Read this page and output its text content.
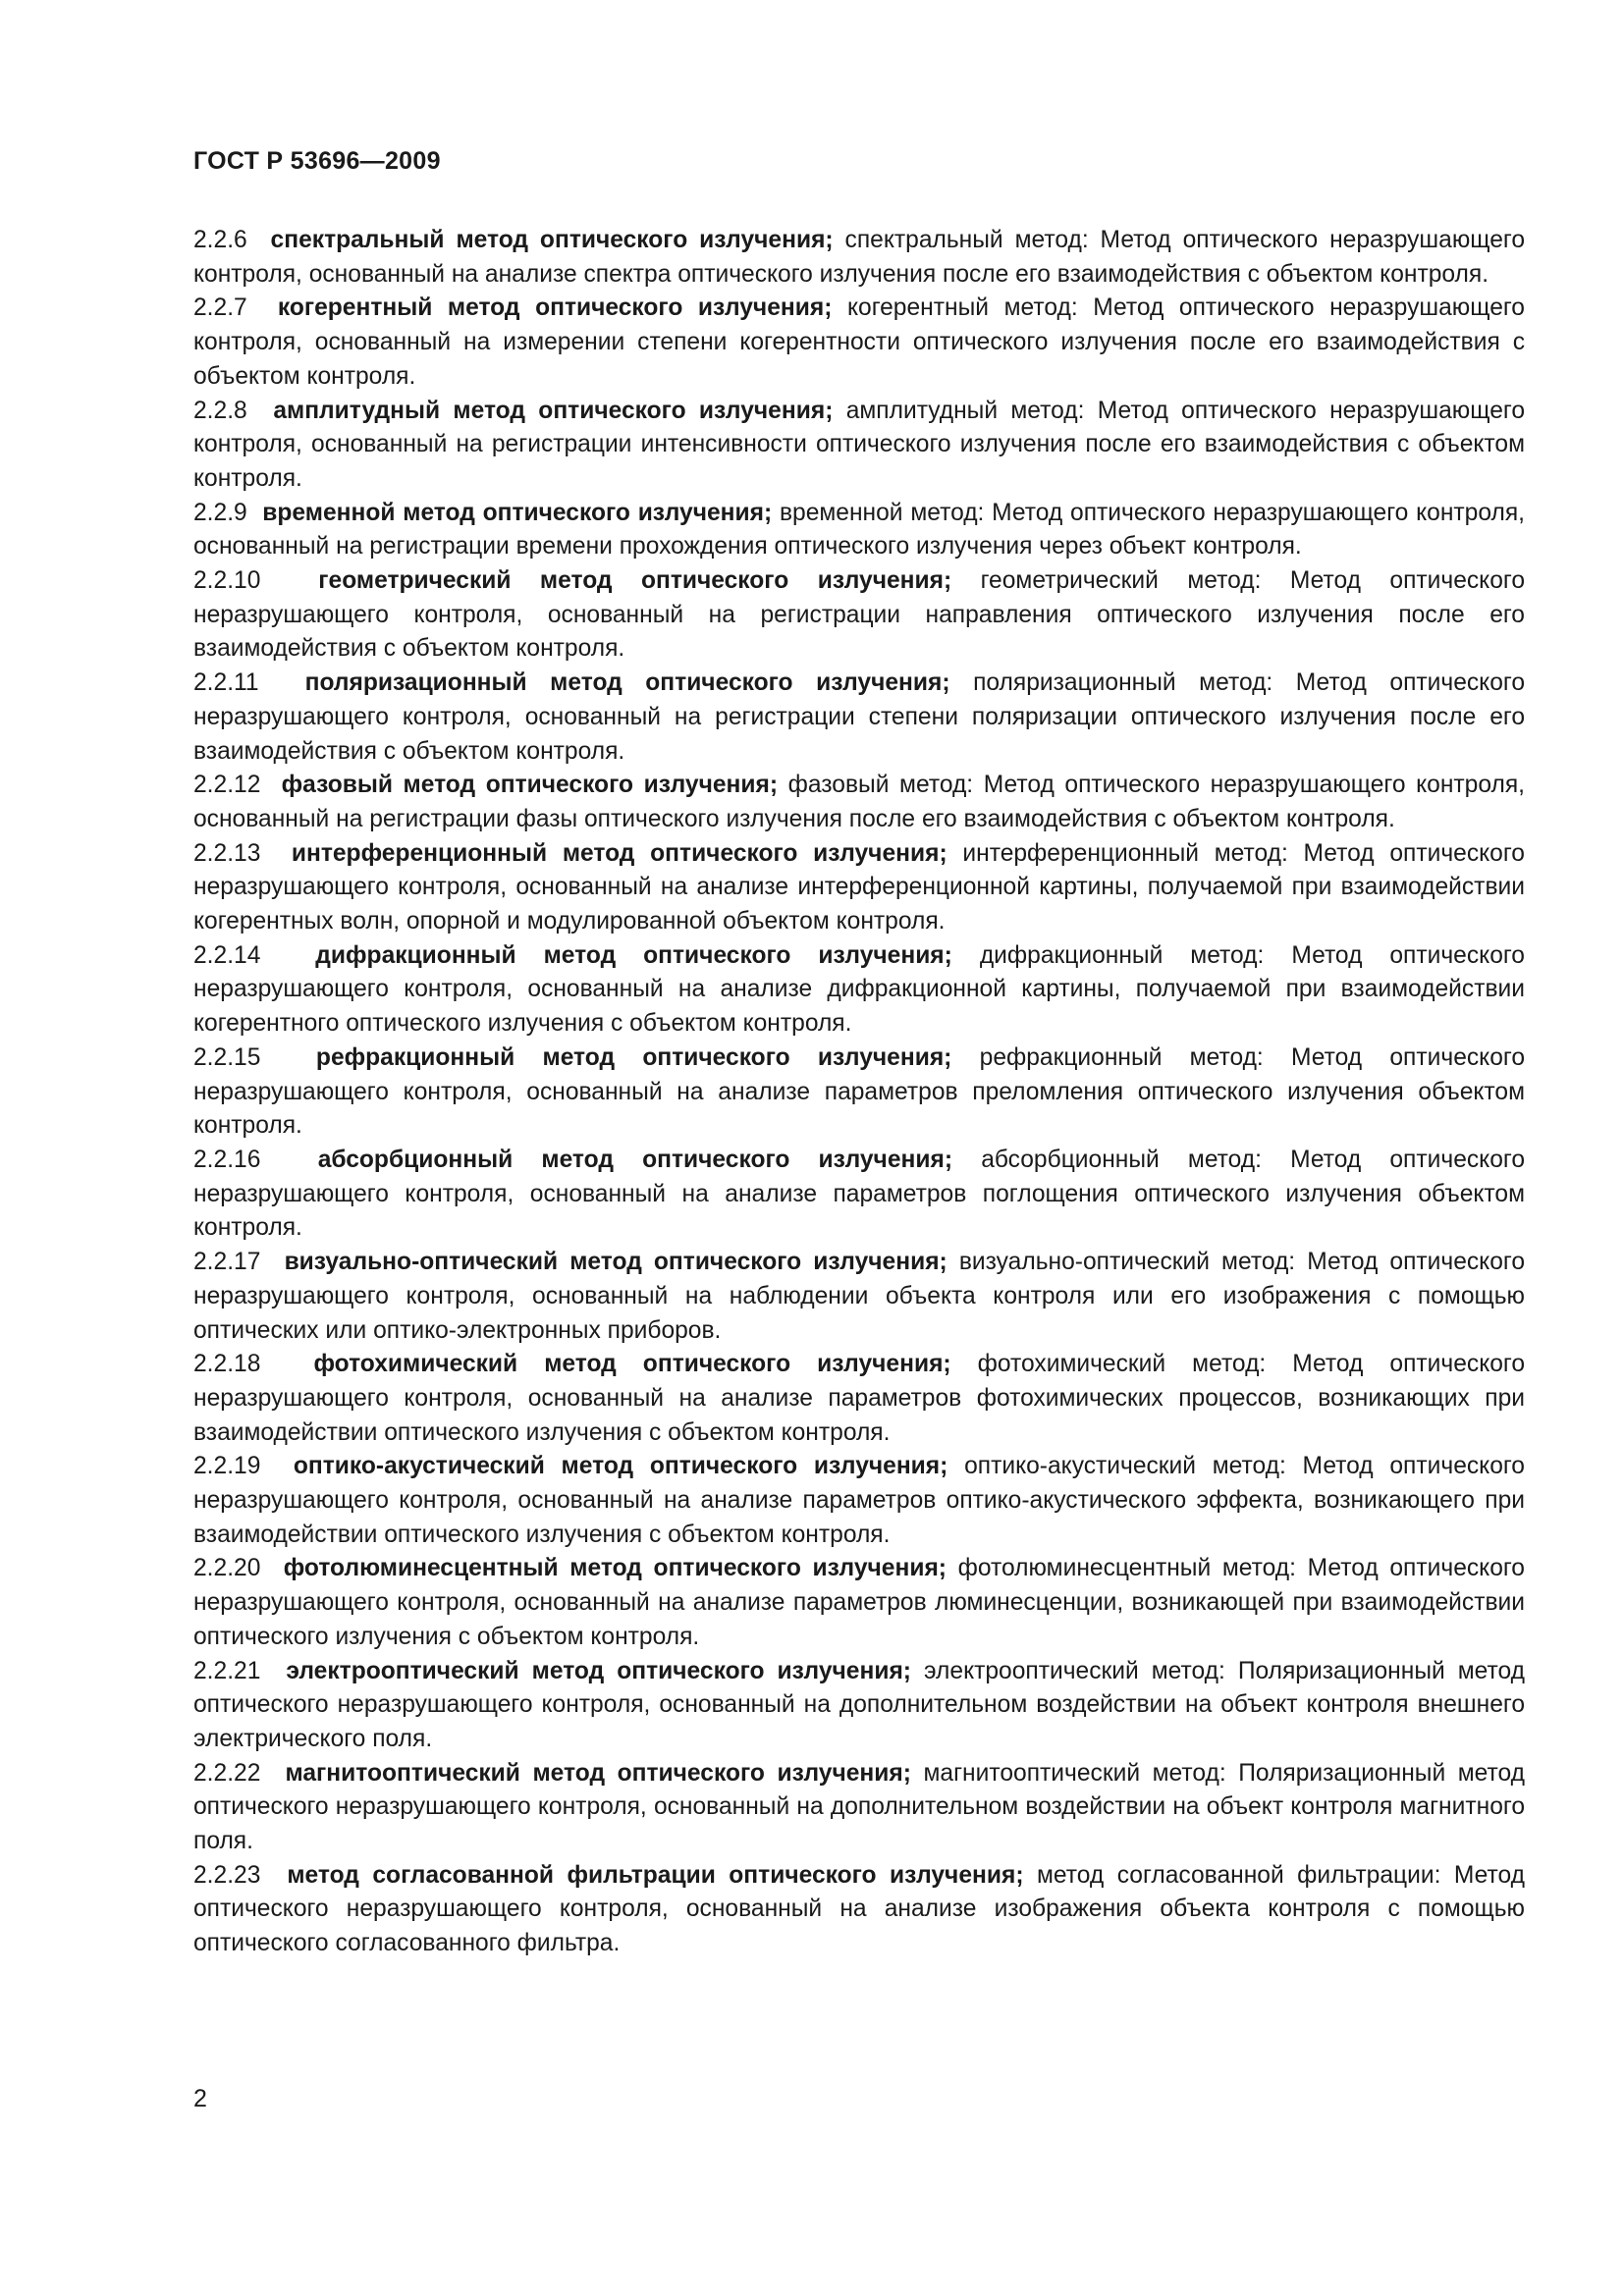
ГОСТ Р 53696—2009

2.2.6 спектральный метод оптического излучения; спектральный метод: Метод оптического неразрушающего контроля, основанный на анализе спектра оптического излучения после его взаимодействия с объектом контроля.

2.2.7 когерентный метод оптического излучения; когерентный метод: Метод оптического неразрушающего контроля, основанный на измерении степени когерентности оптического излучения после его взаимодействия с объектом контроля.

2.2.8 амплитудный метод оптического излучения; амплитудный метод: Метод оптического неразрушающего контроля, основанный на регистрации интенсивности оптического излучения после его взаимодействия с объектом контроля.

2.2.9 временной метод оптического излучения; временной метод: Метод оптического неразрушающего контроля, основанный на регистрации времени прохождения оптического излучения через объект контроля.

2.2.10 геометрический метод оптического излучения; геометрический метод: Метод оптического неразрушающего контроля, основанный на регистрации направления оптического излучения после его взаимодействия с объектом контроля.

2.2.11 поляризационный метод оптического излучения; поляризационный метод: Метод оптического неразрушающего контроля, основанный на регистрации степени поляризации оптического излучения после его взаимодействия с объектом контроля.

2.2.12 фазовый метод оптического излучения; фазовый метод: Метод оптического неразрушающего контроля, основанный на регистрации фазы оптического излучения после его взаимодействия с объектом контроля.

2.2.13 интерференционный метод оптического излучения; интерференционный метод: Метод оптического неразрушающего контроля, основанный на анализе интерференционной картины, получаемой при взаимодействии когерентных волн, опорной и модулированной объектом контроля.

2.2.14 дифракционный метод оптического излучения; дифракционный метод: Метод оптического неразрушающего контроля, основанный на анализе дифракционной картины, получаемой при взаимодействии когерентного оптического излучения с объектом контроля.

2.2.15 рефракционный метод оптического излучения; рефракционный метод: Метод оптического неразрушающего контроля, основанный на анализе параметров преломления оптического излучения объектом контроля.

2.2.16 абсорбционный метод оптического излучения; абсорбционный метод: Метод оптического неразрушающего контроля, основанный на анализе параметров поглощения оптического излучения объектом контроля.

2.2.17 визуально-оптический метод оптического излучения; визуально-оптический метод: Метод оптического неразрушающего контроля, основанный на наблюдении объекта контроля или его изображения с помощью оптических или оптико-электронных приборов.

2.2.18 фотохимический метод оптического излучения; фотохимический метод: Метод оптического неразрушающего контроля, основанный на анализе параметров фотохимических процессов, возникающих при взаимодействии оптического излучения с объектом контроля.

2.2.19 оптико-акустический метод оптического излучения; оптико-акустический метод: Метод оптического неразрушающего контроля, основанный на анализе параметров оптико-акустического эффекта, возникающего при взаимодействии оптического излучения с объектом контроля.

2.2.20 фотолюминесцентный метод оптического излучения; фотолюминесцентный метод: Метод оптического неразрушающего контроля, основанный на анализе параметров люминесценции, возникающей при взаимодействии оптического излучения с объектом контроля.

2.2.21 электрооптический метод оптического излучения; электрооптический метод: Поляризационный метод оптического неразрушающего контроля, основанный на дополнительном воздействии на объект контроля внешнего электрического поля.

2.2.22 магнитооптический метод оптического излучения; магнитооптический метод: Поляризационный метод оптического неразрушающего контроля, основанный на дополнительном воздействии на объект контроля магнитного поля.

2.2.23 метод согласованной фильтрации оптического излучения; метод согласованной фильтрации: Метод оптического неразрушающего контроля, основанный на анализе изображения объекта контроля с помощью оптического согласованного фильтра.

2
